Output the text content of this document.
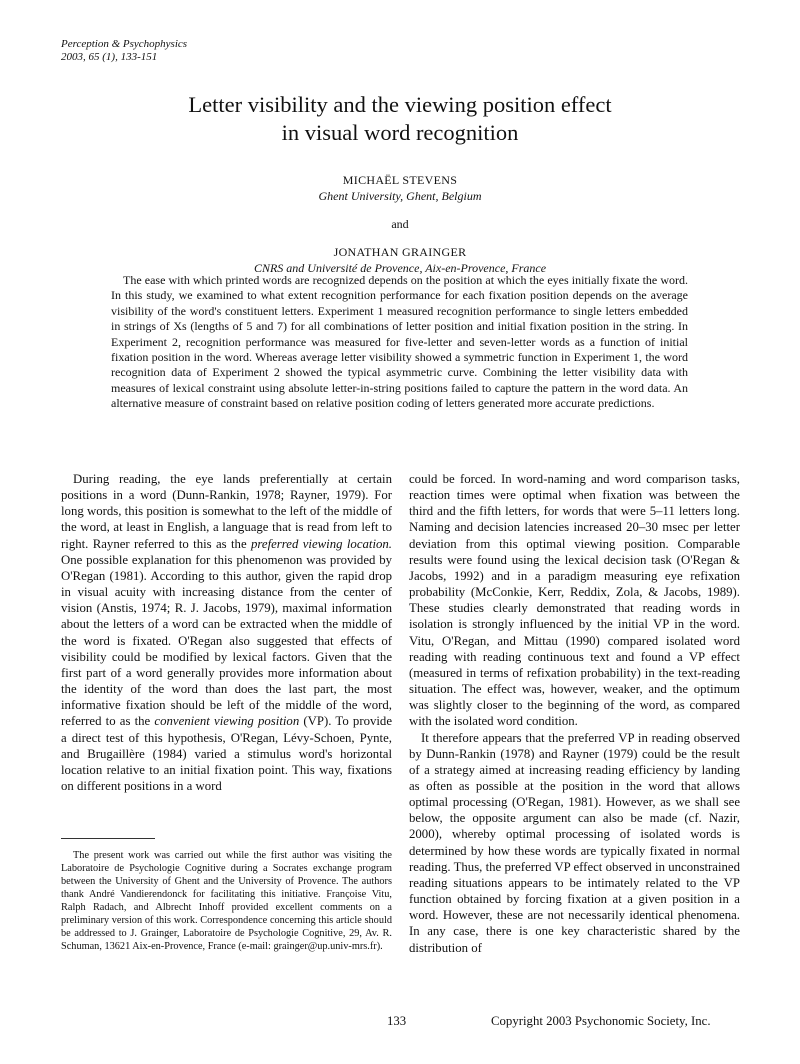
Perception & Psychophysics
2003, 65 (1), 133-151
Letter visibility and the viewing position effect
in visual word recognition
MICHAËL STEVENS
Ghent University, Ghent, Belgium
and
JONATHAN GRAINGER
CNRS and Université de Provence, Aix-en-Provence, France
The ease with which printed words are recognized depends on the position at which the eyes initially fixate the word. In this study, we examined to what extent recognition performance for each fixation position depends on the average visibility of the word's constituent letters. Experiment 1 measured recognition performance to single letters embedded in strings of Xs (lengths of 5 and 7) for all combinations of letter position and initial fixation position in the string. In Experiment 2, recognition performance was measured for five-letter and seven-letter words as a function of initial fixation position in the word. Whereas average letter visibility showed a symmetric function in Experiment 1, the word recognition data of Experiment 2 showed the typical asymmetric curve. Combining the letter visibility data with measures of lexical constraint using absolute letter-in-string positions failed to capture the pattern in the word data. An alternative measure of constraint based on relative position coding of letters generated more accurate predictions.

During reading, the eye lands preferentially at certain positions in a word (Dunn-Rankin, 1978; Rayner, 1979). For long words, this position is somewhat to the left of the middle of the word, at least in English, a language that is read from left to right. Rayner referred to this as the preferred viewing location. One possible explanation for this phenomenon was provided by O'Regan (1981). According to this author, given the rapid drop in visual acuity with increasing distance from the center of vision (Anstis, 1974; R. J. Jacobs, 1979), maximal information about the letters of a word can be extracted when the middle of the word is fixated. O'Regan also suggested that effects of visibility could be modified by lexical factors. Given that the first part of a word generally provides more information about the identity of the word than does the last part, the most informative fixation should be left of the middle of the word, referred to as the convenient viewing position (VP). To provide a direct test of this hypothesis, O'Regan, Lévy-Schoen, Pynte, and Brugaillère (1984) varied a stimulus word's horizontal location relative to an initial fixation point. This way, fixations on different positions in a word

could be forced. In word-naming and word comparison tasks, reaction times were optimal when fixation was between the third and the fifth letters, for words that were 5–11 letters long. Naming and decision latencies increased 20–30 msec per letter deviation from this optimal viewing position. Comparable results were found using the lexical decision task (O'Regan & Jacobs, 1992) and in a paradigm measuring eye refixation probability (McConkie, Kerr, Reddix, Zola, & Jacobs, 1989). These studies clearly demonstrated that reading words in isolation is strongly influenced by the initial VP in the word. Vitu, O'Regan, and Mittau (1990) compared isolated word reading with reading continuous text and found a VP effect (measured in terms of refixation probability) in the text-reading situation. The effect was, however, weaker, and the optimum was slightly closer to the beginning of the word, as compared with the isolated word condition.

It therefore appears that the preferred VP in reading observed by Dunn-Rankin (1978) and Rayner (1979) could be the result of a strategy aimed at increasing reading efficiency by landing as often as possible at the position in the word that allows optimal processing (O'Regan, 1981). However, as we shall see below, the opposite argument can also be made (cf. Nazir, 2000), whereby optimal processing of isolated words is determined by how these words are typically fixated in normal reading. Thus, the preferred VP effect observed in unconstrained reading situations appears to be intimately related to the VP function obtained by forcing fixation at a given position in a word. However, these are not necessarily identical phenomena. In any case, there is one key characteristic shared by the distribution of

The present work was carried out while the first author was visiting the Laboratoire de Psychologie Cognitive during a Socrates exchange program between the University of Ghent and the University of Provence. The authors thank André Vandierendonck for facilitating this initiative. Françoise Vitu, Ralph Radach, and Albrecht Inhoff provided excellent comments on a preliminary version of this work. Correspondence concerning this article should be addressed to J. Grainger, Laboratoire de Psychologie Cognitive, 29, Av. R. Schuman, 13621 Aix-en-Provence, France (e-mail: grainger@up.univ-mrs.fr).
133	Copyright 2003 Psychonomic Society, Inc.
